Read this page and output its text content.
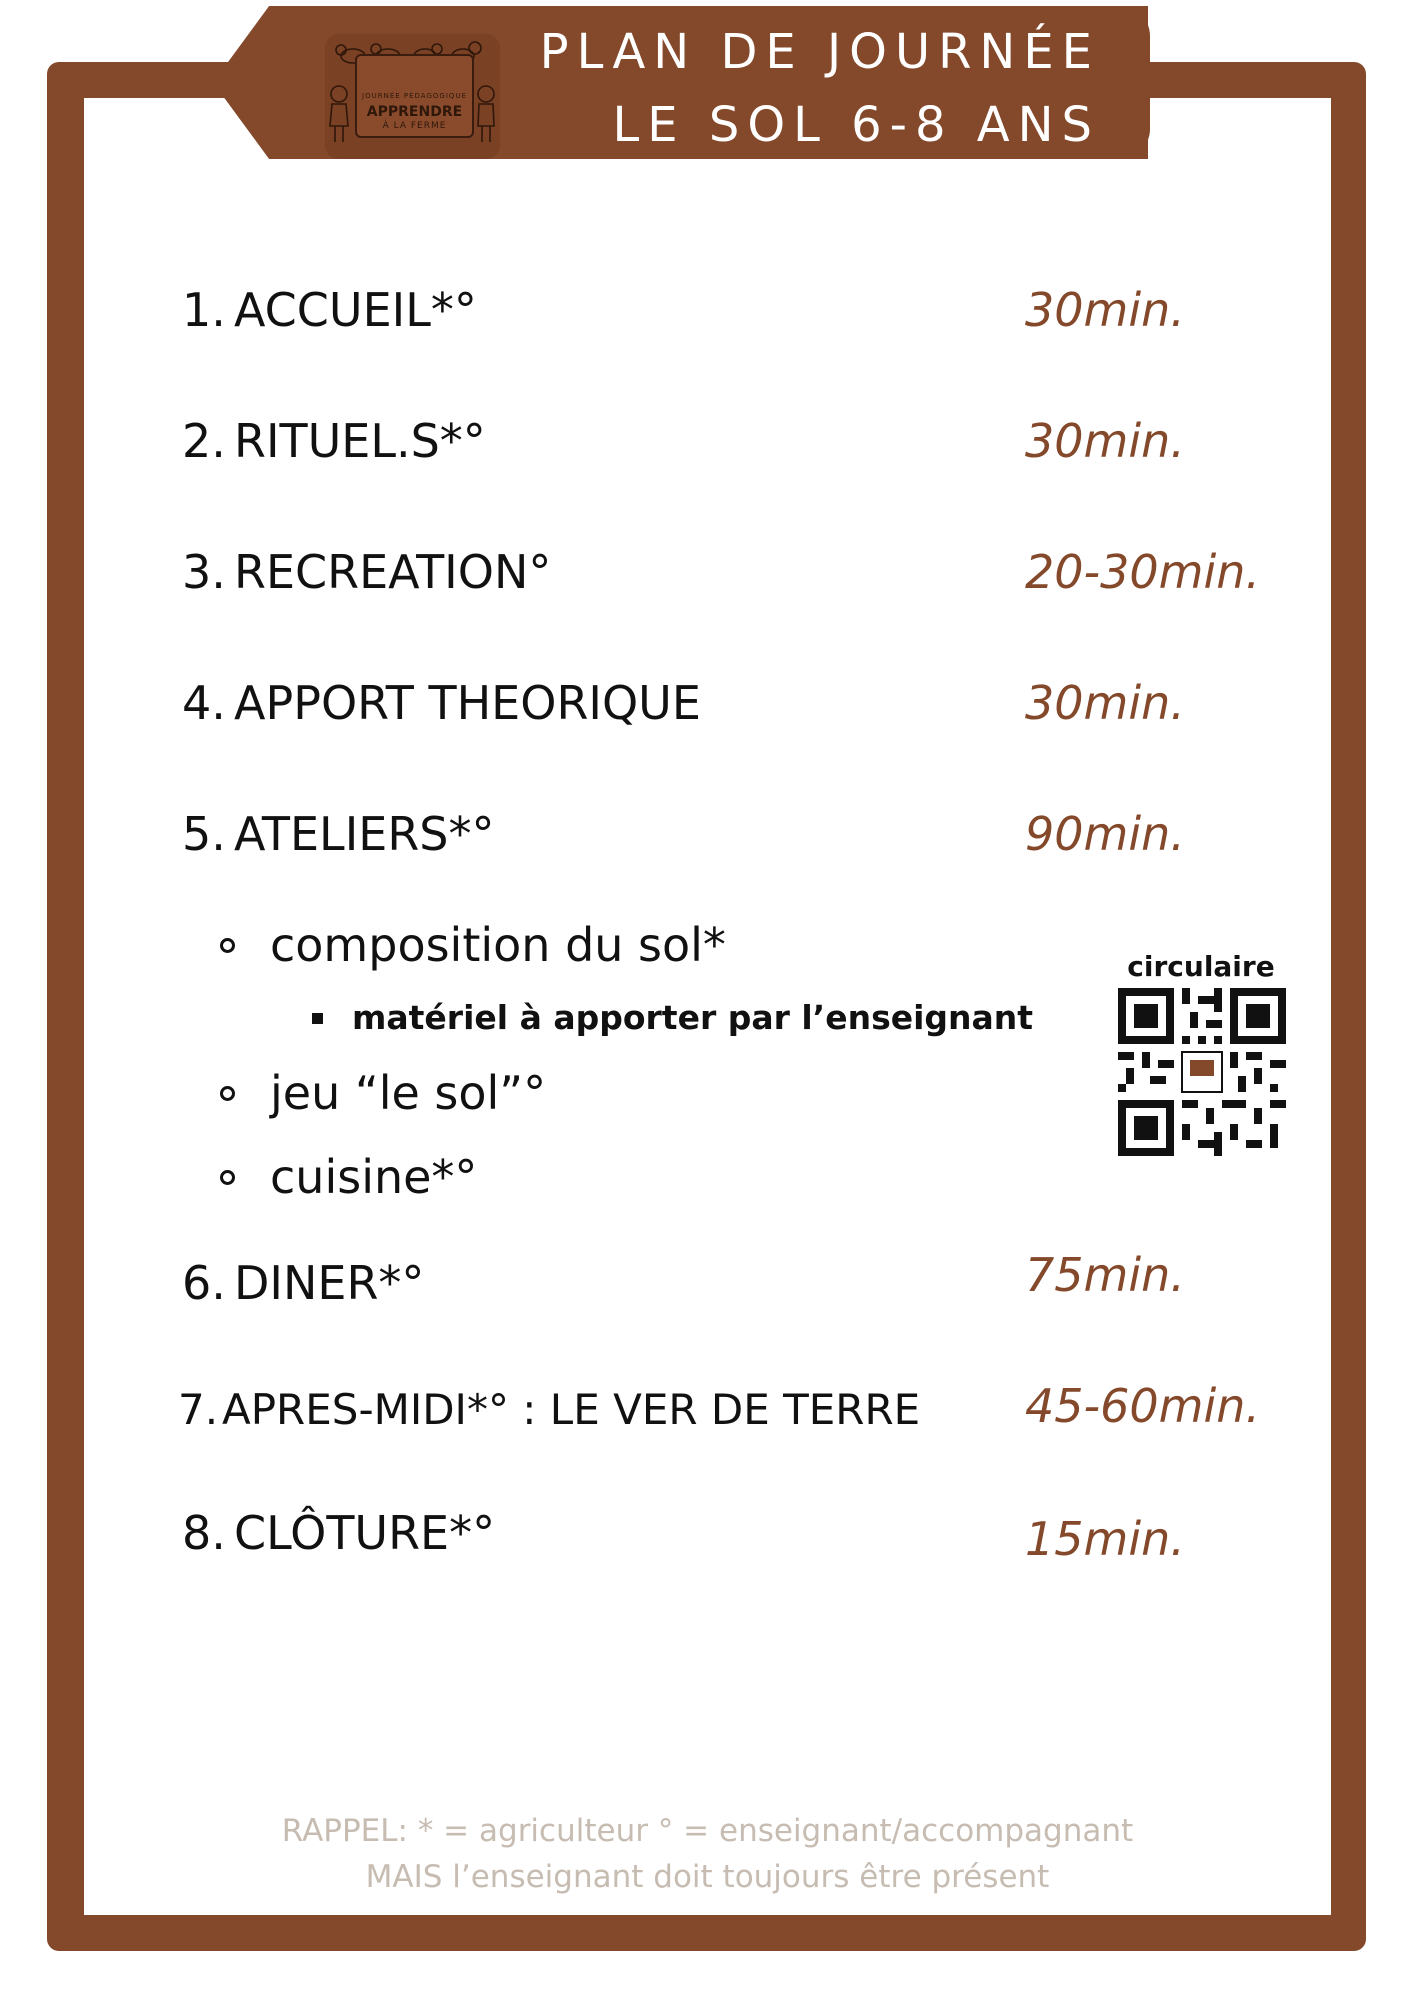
JOURNÉE PÉDAGOGIQUE
APPRENDRE
À LA FERME
PLAN DE JOURNÉE
LE SOL 6-8 ANS
1. ACCUEIL*°	30min.
2. RITUEL.S*°	30min.
3. RECREATION°	20-30min.
4. APPORT THEORIQUE	30min.
5. ATELIERS*°	90min.
composition du sol*
matériel à apporter par l’enseignant
jeu “le sol”°
cuisine*°
circulaire
6. DINER*°	75min.
7.APRES-MIDI*° : LE VER DE TERRE 45-60min.
8. CLÔTURE*°	15min.
RAPPEL: * = agriculteur ° = enseignant/accompagnant
MAIS l’enseignant doit toujours être présent
